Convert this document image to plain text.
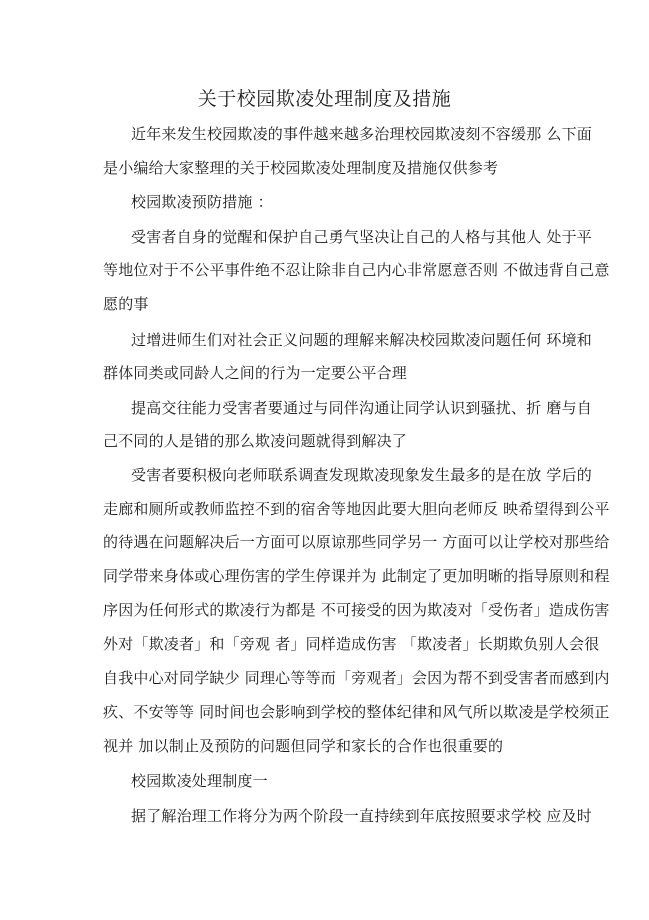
关于校园欺凌处理制度及措施
近年来发生校园欺凌的事件越来越多治理校园欺凌刻不容缓那 么下面
是小编给大家整理的关于校园欺凌处理制度及措施仅供参考
校园欺凌预防措施 ：
受害者自身的觉醒和保护自己勇气坚决让自己的人格与其他人 处于平
等地位对于不公平事件绝不忍让除非自己内心非常愿意否则 不做违背自己意
愿的事
过增进师生们对社会正义问题的理解来解决校园欺凌问题任何 环境和
群体同类或同龄人之间的行为一定要公平合理
提高交往能力受害者要通过与同伴沟通让同学认识到骚扰、折 磨与自
己不同的人是错的那么欺凌问题就得到解决了
受害者要积极向老师联系调查发现欺凌现象发生最多的是在放 学后的
走廊和厕所或教师监控不到的宿舍等地因此要大胆向老师反 映希望得到公平
的待遇在问题解决后一方面可以原谅那些同学另一 方面可以让学校对那些给
同学带来身体或心理伤害的学生停课并为 此制定了更加明晰的指导原则和程
序因为任何形式的欺凌行为都是 不可接受的因为欺凌对「受伤者」造成伤害
外对「欺凌者」和「旁观 者」同样造成伤害 「欺凌者」长期欺负别人会很
自我中心对同学缺少 同理心等等而「旁观者」会因为帮不到受害者而感到内
疚、不安等等 同时间也会影响到学校的整体纪律和风气所以欺凌是学校须正
视并 加以制止及预防的问题但同学和家长的合作也很重要的
校园欺凌处理制度一
据了解治理工作将分为两个阶段一直持续到年底按照要求学校 应及时
